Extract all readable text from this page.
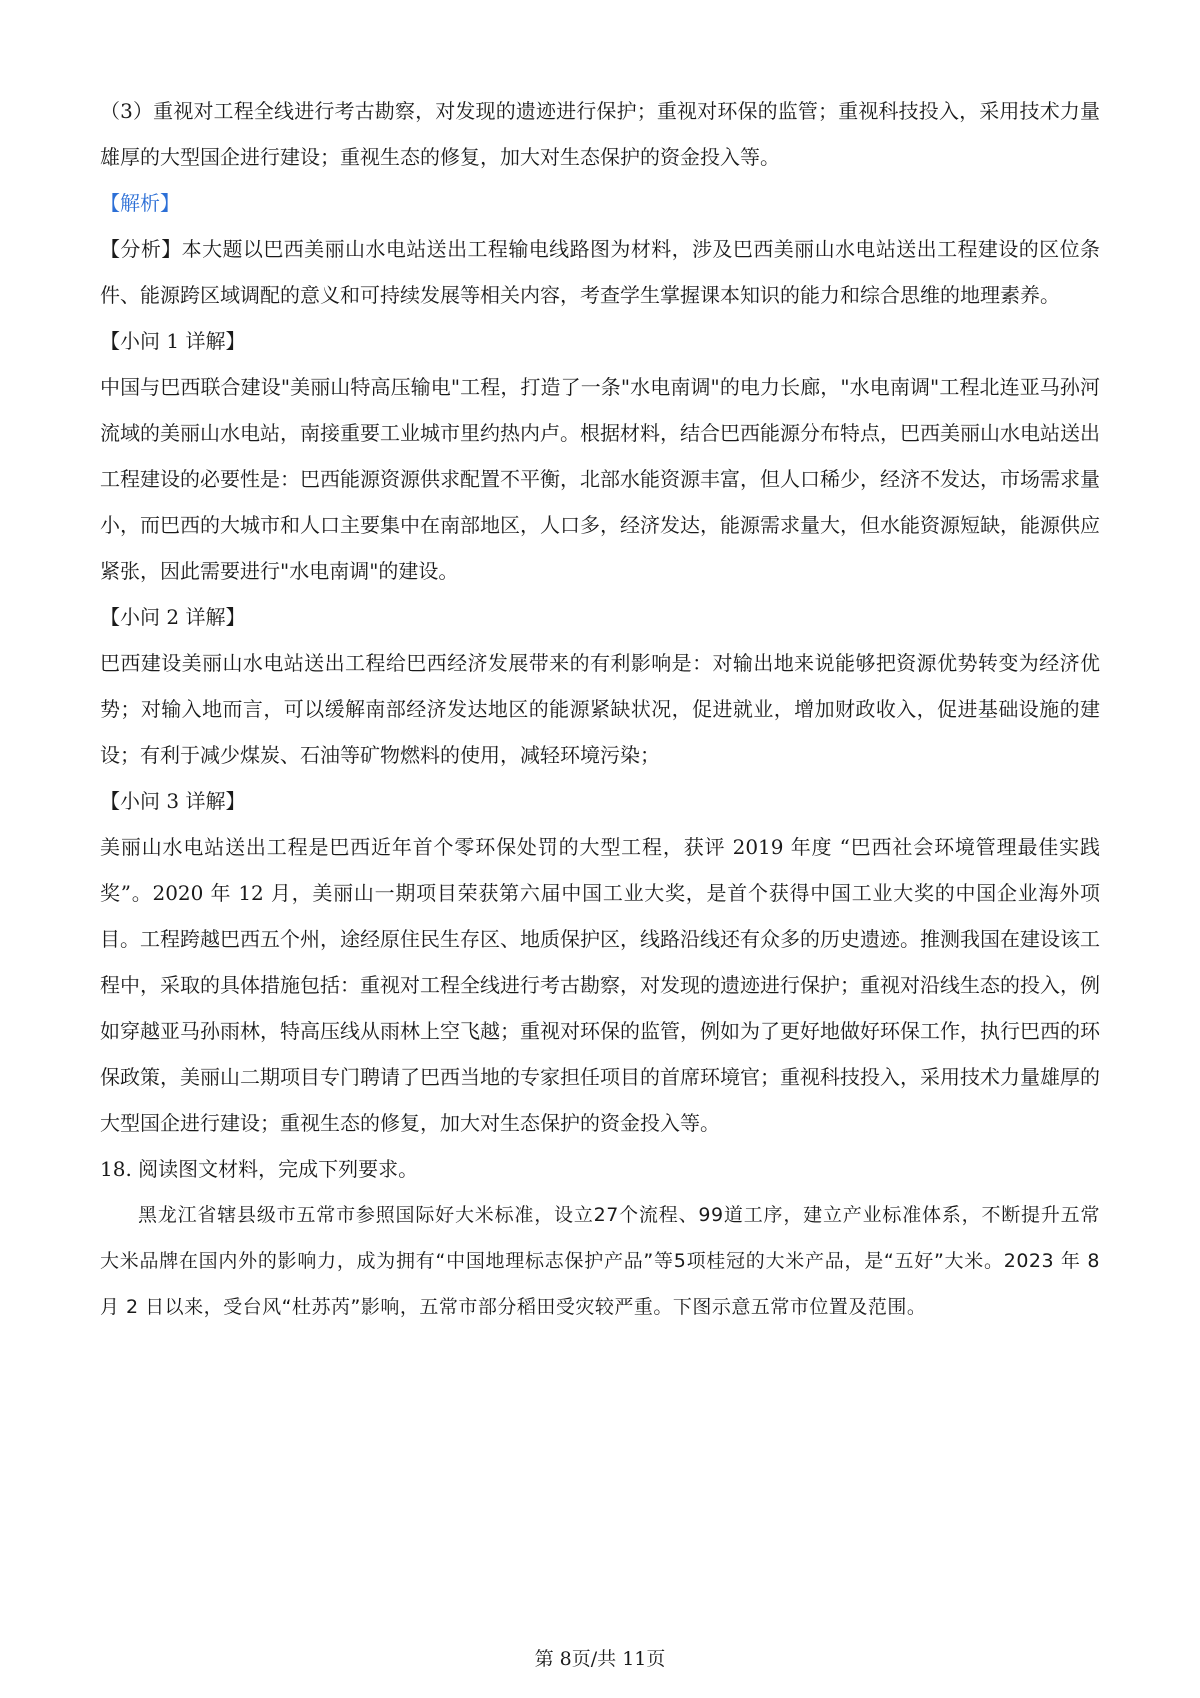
（3）重视对工程全线进行考古勘察，对发现的遗迹进行保护；重视对环保的监管；重视科技投入，采用技术力量雄厚的大型国企进行建设；重视生态的修复，加大对生态保护的资金投入等。

【解析】

【分析】本大题以巴西美丽山水电站送出工程输电线路图为材料，涉及巴西美丽山水电站送出工程建设的区位条件、能源跨区域调配的意义和可持续发展等相关内容，考查学生掌握课本知识的能力和综合思维的地理素养。

【小问 1 详解】

中国与巴西联合建设"美丽山特高压输电"工程，打造了一条"水电南调"的电力长廊，"水电南调"工程北连亚马孙河流域的美丽山水电站，南接重要工业城市里约热内卢。根据材料，结合巴西能源分布特点，巴西美丽山水电站送出工程建设的必要性是：巴西能源资源供求配置不平衡，北部水能资源丰富，但人口稀少，经济不发达，市场需求量小，而巴西的大城市和人口主要集中在南部地区，人口多，经济发达，能源需求量大，但水能资源短缺，能源供应紧张，因此需要进行"水电南调"的建设。

【小问 2 详解】

巴西建设美丽山水电站送出工程给巴西经济发展带来的有利影响是：对输出地来说能够把资源优势转变为经济优势；对输入地而言，可以缓解南部经济发达地区的能源紧缺状况，促进就业，增加财政收入，促进基础设施的建设；有利于减少煤炭、石油等矿物燃料的使用，减轻环境污染；

【小问 3 详解】

美丽山水电站送出工程是巴西近年首个零环保处罚的大型工程，获评 2019 年度 “巴西社会环境管理最佳实践奖”。2020 年 12 月，美丽山一期项目荣获第六届中国工业大奖，是首个获得中国工业大奖的中国企业海外项目。工程跨越巴西五个州，途经原住民生存区、地质保护区，线路沿线还有众多的历史遗迹。推测我国在建设该工程中，采取的具体措施包括：重视对工程全线进行考古勘察，对发现的遗迹进行保护；重视对沿线生态的投入，例如穿越亚马孙雨林，特高压线从雨林上空飞越；重视对环保的监管，例如为了更好地做好环保工作，执行巴西的环保政策，美丽山二期项目专门聘请了巴西当地的专家担任项目的首席环境官；重视科技投入，采用技术力量雄厚的大型国企进行建设；重视生态的修复，加大对生态保护的资金投入等。

18. 阅读图文材料，完成下列要求。

黑龙江省辖县级市五常市参照国际好大米标准，设立27个流程、99道工序，建立产业标准体系，不断提升五常大米品牌在国内外的影响力，成为拥有“中国地理标志保护产品”等5项桂冠的大米产品，是“五好”大米。2023 年 8 月 2 日以来，受台风“杜苏芮”影响，五常市部分稻田受灾较严重。下图示意五常市位置及范围。

第 8页/共 11页
